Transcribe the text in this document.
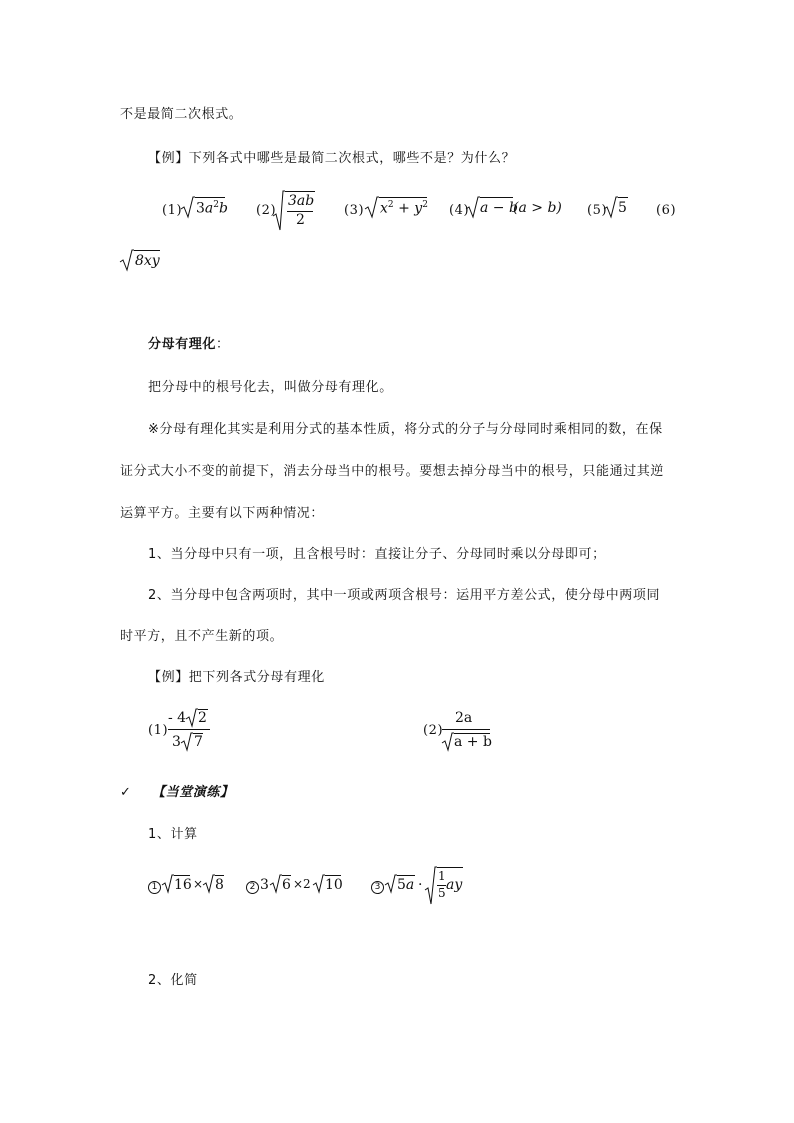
不是最简二次根式。
【例】下列各式中哪些是最简二次根式，哪些不是？为什么？
(1) $3a^2b$ (2)
3ab
2
(3) $x^2 + y^2$ (4) a − b
(a > b) (5) 5 (6)
8xy
分母有理化：
把分母中的根号化去，叫做分母有理化。
※分母有理化其实是利用分式的基本性质，将分式的分子与分母同时乘相同的数，在保
证分式大小不变的前提下，消去分母当中的根号。要想去掉分母当中的根号，只能通过其逆
运算平方。主要有以下两种情况：
1、当分母中只有一项，且含根号时：直接让分子、分母同时乘以分母即可；
2、当分母中包含两项时，其中一项或两项含根号：运用平方差公式，使分母中两项同
时平方，且不产生新的项。
【例】把下列各式分母有理化
(1)
- 4 2
3 7
(2)
2a
a + b
✓ 【当堂演练】
1、计算
1 16 × 8	2 3 6 ×2 10	3 5a ·
1
5 ay
2、化简
